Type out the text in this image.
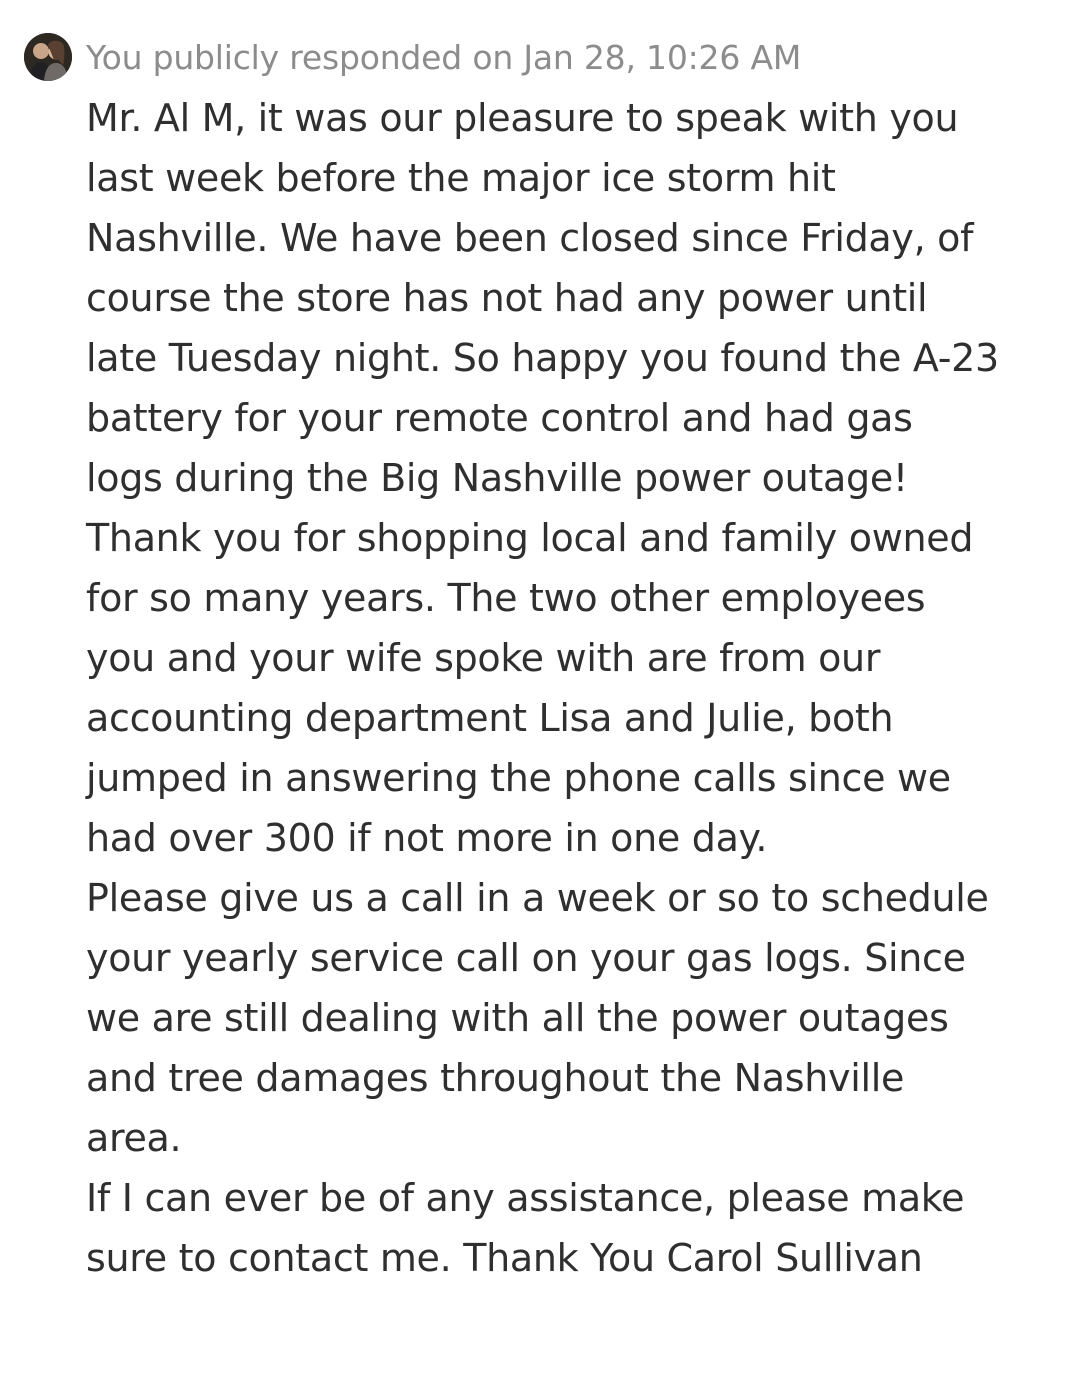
You publicly responded on Jan 28, 10:26 AM

Mr. Al M, it was our pleasure to speak with you
last week before the major ice storm hit
Nashville. We have been closed since Friday, of
course the store has not had any power until
late Tuesday night. So happy you found the A-23
battery for your remote control and had gas
logs during the Big Nashville power outage!
Thank you for shopping local and family owned
for so many years. The two other employees
you and your wife spoke with are from our
accounting department Lisa and Julie, both
jumped in answering the phone calls since we
had over 300 if not more in one day.

Please give us a call in a week or so to schedule
your yearly service call on your gas logs. Since
we are still dealing with all the power outages
and tree damages throughout the Nashville
area.

If I can ever be of any assistance, please make
sure to contact me. Thank You Carol Sullivan
